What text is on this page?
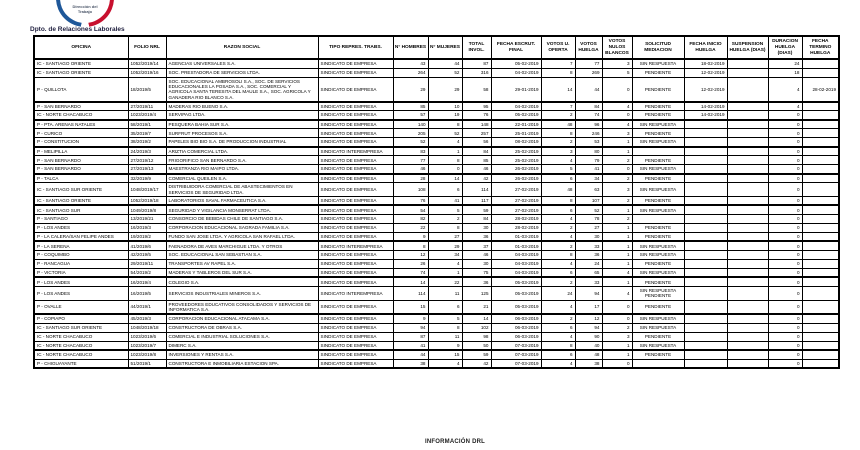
Dirección del
Trabajo
Dpto. de Relaciones Laborales
OFICINA	FOLIO NRL	RAZON SOCIAL	TIPO REPRES. TRABS.	N° HOMBRES	N° MUJERES	TOTAL INVOL.	FECHA ESCRUT. FINAL	VOTOS U. OFERTA	VOTOS HUELGA	VOTOS NULOS BLANCOS	SOLICITUD MEDIACION	FECHA INICIO HUELGA	SUSPENSION HUELGA (DIAS)	DURACION HUELGA (DIAS)	FECHA TERMINO HUELGA
IC - SANTIAGO ORIENTE	1052/2019/14	AGENCIAS UNIVERSALES S.A.	SINDICATO DE EMPRESA	43	44	87	05-02-2019	7	77	3	SIN RESPUESTA	18-02-2019		24	
IC - SANTIAGO ORIENTE	1052/2019/16	SOC. PRESTADORA DE SERVICIOS LTDA.	SINDICATO DE EMPRESA	264	52	316	04-02-2019	8	269	5	PENDIENTE	12-02-2019		18	
P - QUILLOTA	18/2019/5	SOC. EDUCACIONAL AMBROSOLI S.A., SOC. DE SERVICIOS EDUCACIONALES LA POSADA S.A., SOC. COMERCIAL Y AGRICOLA SANTA TERESITA DEL MAULE S.A., SOC. AGRICOLA Y GANADERA RIO BLANCO S.A.	SINDICATO DE EMPRESA	29	29	58	29-01-2019	14	44	0	PENDIENTE	12-02-2019		4	28-02-2019
P - SAN BERNARDO	27/2019/11	MADERAS RIO BUENO S.A.	SINDICATO DE EMPRESA	85	10	95	04-02-2019	7	84	4	PENDIENTE	14-02-2019		4	
IC - NORTE CHACABUCO	1023/2019/4	SERVIPAG LTDA.	SINDICATO DE EMPRESA	57	19	76	05-02-2019	2	74	0	PENDIENTE	14-02-2019		0	
P - PTA. ARENAS NATALES	58/2019/1	PESQUERA BAHIA SUR S.A.	SINDICATO DE EMPRESA	140	8	148	22-01-2019	48	96	4	SIN RESPUESTA			0	
P - CURICO	35/2019/7	SURFRUT PROCESOS S.A.	SINDICATO DE EMPRESA	205	52	257	25-01-2019	8	246	3	PENDIENTE			0	
P - CONSTITUCION	38/2019/2	PAPELES BIO BIO S.A. DE PRODUCCION INDUSTRIAL	SINDICATO DE EMPRESA	52	4	56	08-02-2019	2	53	1	SIN RESPUESTA			0	
P - MELIPILLA	24/2019/3	ARIZTIA COMERCIAL LTDA.	SINDICATO INTEREMPRESA	83	1	84	25-02-2019	3	80	1				0	
P - SAN BERNARDO	27/2019/12	FRIGORIFICO SAN BERNARDO S.A.	SINDICATO DE EMPRESA	77	8	85	25-02-2019	4	79	2	PENDIENTE			0	
P - SAN BERNARDO	27/2019/13	MAESTRANZA RIO MAIPO LTDA.	SINDICATO DE EMPRESA	46	0	46	26-02-2019	5	41	0	SIN RESPUESTA			0	
P - TALCA	32/2019/9	COMERCIAL QUEILEN S.A.	SINDICATO DE EMPRESA	28	14	42	26-02-2019	6	34	2	PENDIENTE			0	
IC - SANTIAGO SUR ORIENTE	1048/2019/17	DISTRIBUIDORA COMERCIAL DE ABASTECIMIENTOS EN SERVICIOS DE SEGURIDAD LTDA.	SINDICATO DE EMPRESA	108	6	114	27-02-2019	48	63	3	SIN RESPUESTA			0	
IC - SANTIAGO ORIENTE	1052/2019/18	LABORATORIOS SAVAL FARMACEUTICA S.A.	SINDICATO DE EMPRESA	76	41	117	27-02-2019	8	107	2	PENDIENTE			0	
IC - SANTIAGO SUR	1049/2019/8	SEGURIDAD Y VIGILANCIA MONSERRAT LTDA.	SINDICATO DE EMPRESA	54	5	59	27-02-2019	6	52	1	SIN RESPUESTA			0	
P - SANTIAGO	13/2019/21	CONSORCIO DE BEBIDAS CHILE DE SANTIAGO S.A.	SINDICATO DE EMPRESA	82	2	84	28-02-2019	4	78	2				0	
P - LOS ANDES	16/2019/3	CORPORACION EDUCACIONAL SAGRADA FAMILIA S.A.	SINDICATO DE EMPRESA	22	8	30	28-02-2019	2	27	1	PENDIENTE			0	
P - LA CALERA/SAN FELIPE ANDES	19/2019/2	FUNDO SAN JOSE LTDA. Y AGRICOLA SAN RAFAEL LTDA.	SINDICATO DE EMPRESA	9	27	36	01-03-2019	4	30	1	PENDIENTE			0	
P - LA SERENA	41/2019/6	FAENADORA DE AVES MARCHIGUE LTDA. Y OTROS	SINDICATO INTEREMPRESA	8	29	37	01-03-2019	2	33	1	SIN RESPUESTA			0	
P - COQUIMBO	42/2019/5	SOC. EDUCACIONAL SAN SEBASTIAN S.A.	SINDICATO DE EMPRESA	12	34	46	04-03-2019	8	36	1	SIN RESPUESTA			0	
P - RANCAGUA	29/2019/11	TRANSPORTES AV RAPEL S.A.	SINDICATO DE EMPRESA	26	4	30	04-03-2019	4	24	1	PENDIENTE			0	
P - VICTORIA	54/2019/2	MADERAS Y TABLEROS DEL SUR S.A.	SINDICATO DE EMPRESA	74	1	75	04-03-2019	6	65	4	SIN RESPUESTA			0	
P - LOS ANDES	16/2019/4	COLEGIO S.A.	SINDICATO DE EMPRESA	14	22	36	05-03-2019	2	33	1	PENDIENTE			0	
P - LOS ANDES	16/2019/5	SERVICIOS INDUSTRIALES MINEROS S.A.	SINDICATO INTEREMPRESA	114	11	125	05-03-2019	24	94	4	SIN RESPUESTA PENDIENTE			0	
P - OVALLE	44/2019/1	PROVEEDORES EDUCATIVOS CONSOLIDADOS Y SERVICIOS DE INFORMATICA S.A.	SINDICATO DE EMPRESA	15	6	21	05-03-2019	4	17	0	PENDIENTE			0	
P - COPIAPO	45/2019/3	CORPORACION EDUCACIONAL ATACAMA S.A.	SINDICATO DE EMPRESA	9	5	14	06-03-2019	2	12	0	SIN RESPUESTA			0	
IC - SANTIAGO SUR ORIENTE	1048/2019/18	CONSTRUCTORA DE OBRAS S.A.	SINDICATO DE EMPRESA	94	8	102	06-03-2019	6	94	2	SIN RESPUESTA			0	
IC - NORTE CHACABUCO	1023/2019/6	COMERCIAL E INDUSTRIAL SOLUCIONES S.A.	SINDICATO DE EMPRESA	87	11	98	06-03-2019	4	90	3	PENDIENTE			0	
IC - NORTE CHACABUCO	1023/2019/7	DIMERC S.A.	SINDICATO DE EMPRESA	41	9	50	07-03-2019	8	40	1	SIN RESPUESTA			0	
IC - NORTE CHACABUCO	1023/2019/8	INVERSIONES Y RENTAS S.A.	SINDICATO DE EMPRESA	44	15	59	07-03-2019	6	48	1	PENDIENTE			0	
P - CHIGUAYANTE	51/2019/1	CONSTRUCTORA E INMOBILIARIA ESTACION SPA.	SINDICATO DE EMPRESA	38	4	42	07-03-2019	4	38	0				0	
INFORMACIÓN DRL
